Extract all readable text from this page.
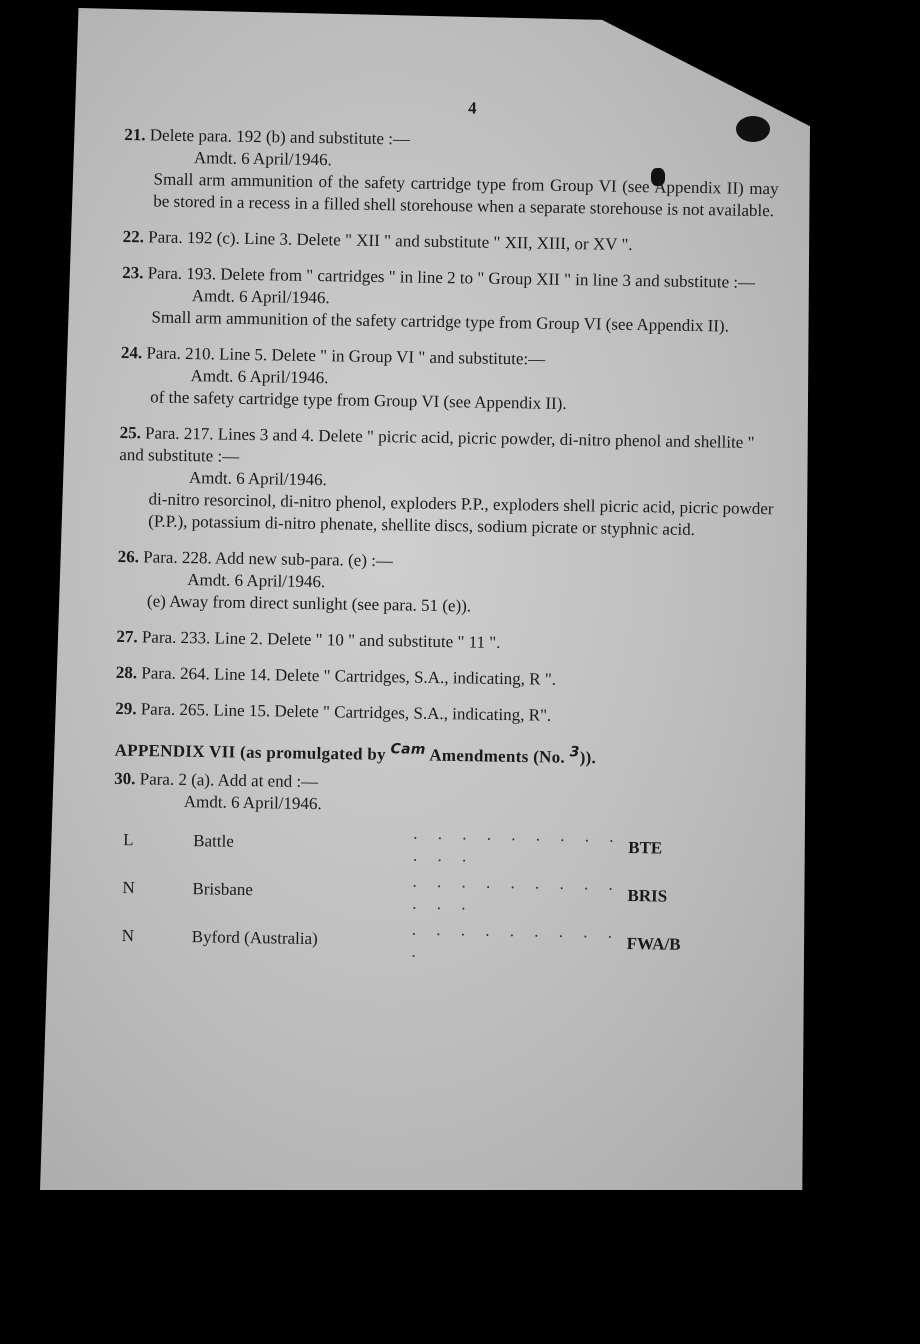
4
21. Delete para. 192 (b) and substitute :—
Amdt. 6 April/1946.
Small arm ammunition of the safety cartridge type from Group VI (see Appendix II) may be stored in a recess in a filled shell storehouse when a separate storehouse is not available.
22. Para. 192 (c). Line 3. Delete " XII " and substitute " XII, XIII, or XV ".
23. Para. 193. Delete from " cartridges " in line 2 to " Group XII " in line 3 and substitute :—
Amdt. 6 April/1946.
Small arm ammunition of the safety cartridge type from Group VI (see Appendix II).
24. Para. 210. Line 5. Delete " in Group VI " and substitute:—
Amdt. 6 April/1946.
of the safety cartridge type from Group VI (see Appendix II).
25. Para. 217. Lines 3 and 4. Delete " picric acid, picric powder, di-nitro phenol and shellite " and substitute :—
Amdt. 6 April/1946.
di-nitro resorcinol, di-nitro phenol, exploders P.P., exploders shell picric acid, picric powder (P.P.), potassium di-nitro phenate, shellite discs, sodium picrate or styphnic acid.
26. Para. 228. Add new sub-para. (e) :—
Amdt. 6 April/1946.
(e) Away from direct sunlight (see para. 51 (e)).
27. Para. 233. Line 2. Delete " 10 " and substitute " 11 ".
28. Para. 264. Line 14. Delete " Cartridges, S.A., indicating, R ".
29. Para. 265. Line 15. Delete " Cartridges, S.A., indicating, R".
APPENDIX VII (as promulgated by $^{Cam}$ Amendments (No. $^3$)).
30. Para. 2 (a). Add at end :—
Amdt. 6 April/1946.
L	Battle	. . . . . . . . . . . .	BTE
N	Brisbane	. . . . . . . . . . . .	BRIS
N	Byford (Australia)	. . . . . . . . . .	FWA/B
